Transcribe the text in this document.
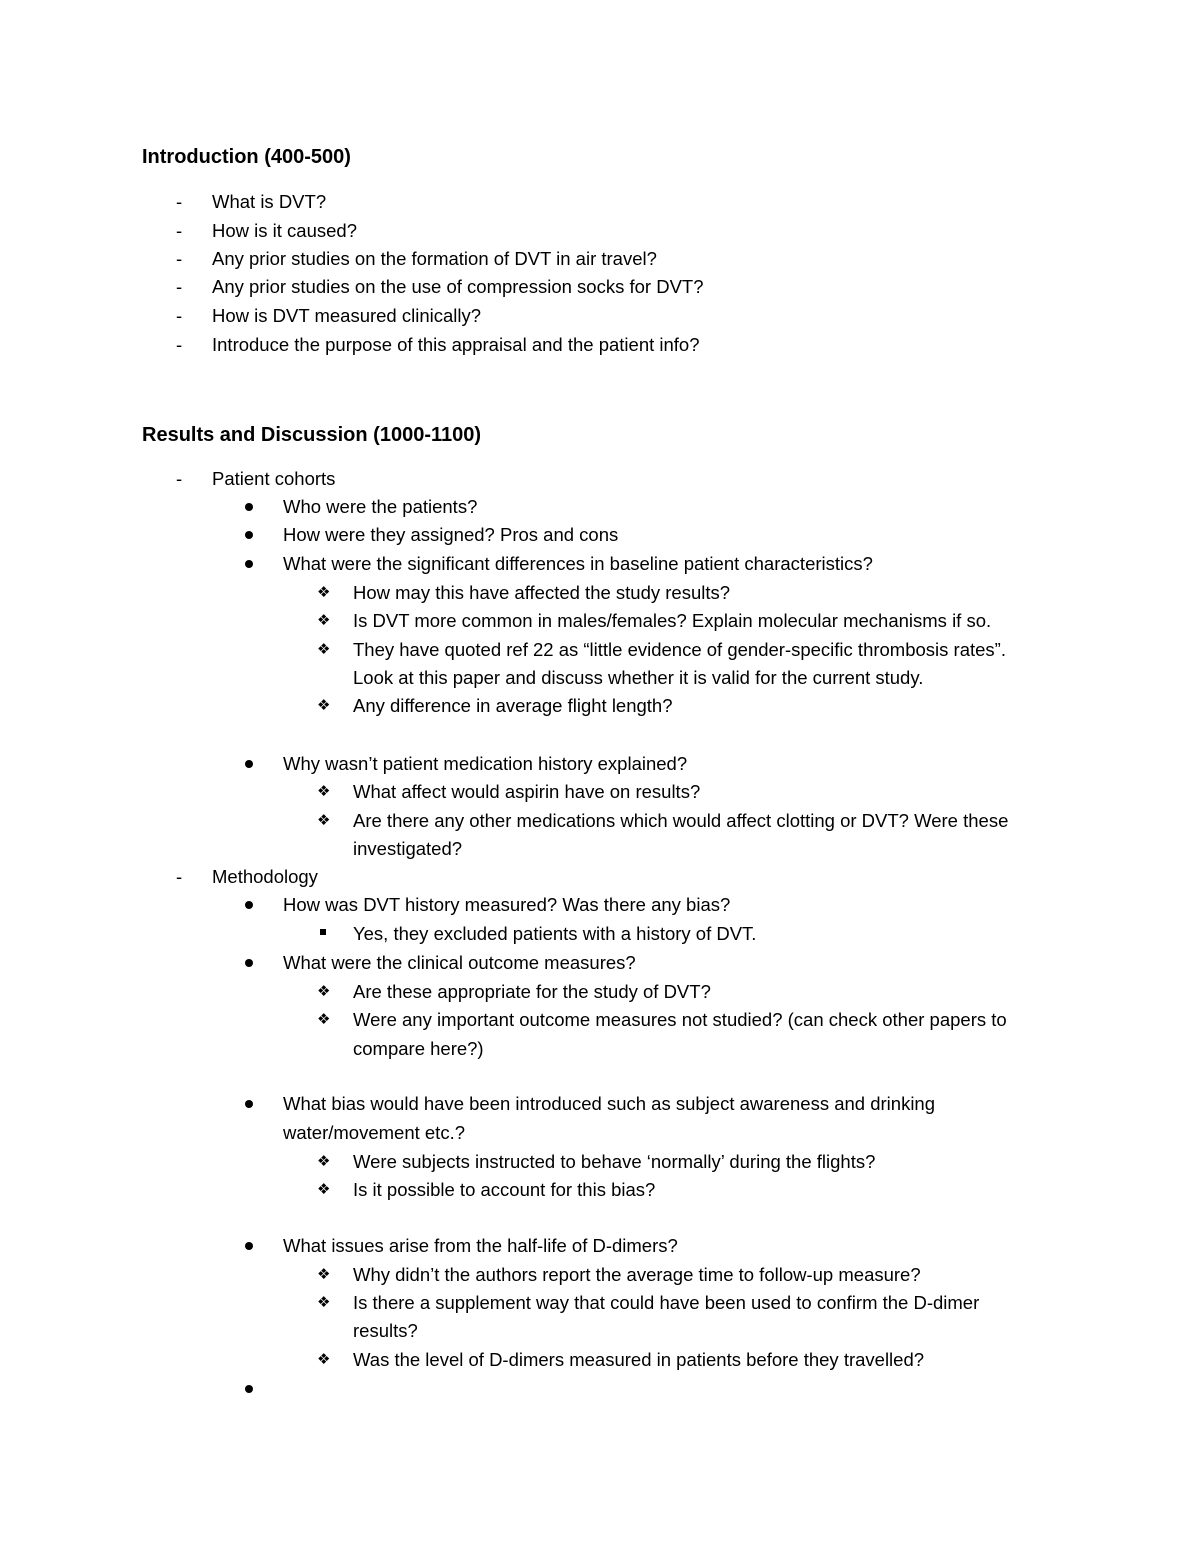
Introduction (400-500)
-	What is DVT?
-	How is it caused?
-	Any prior studies on the formation of DVT in air travel?
-	Any prior studies on the use of compression socks for DVT?
-	How is DVT measured clinically?
-	Introduce the purpose of this appraisal and the patient info?
Results and Discussion (1000-1100)
-	Patient cohorts
Who were the patients?
How were they assigned? Pros and cons
What were the significant differences in baseline patient characteristics?
❖	How may this have affected the study results?
❖	Is DVT more common in males/females? Explain molecular mechanisms if so.
❖	They have quoted ref 22 as “little evidence of gender-specific thrombosis rates”.
Look at this paper and discuss whether it is valid for the current study.
❖	Any difference in average flight length?
Why wasn’t patient medication history explained?
❖	What affect would aspirin have on results?
❖	Are there any other medications which would affect clotting or DVT? Were these
investigated?
-	Methodology
How was DVT history measured? Was there any bias?
Yes, they excluded patients with a history of DVT.
What were the clinical outcome measures?
❖	Are these appropriate for the study of DVT?
❖	Were any important outcome measures not studied? (can check other papers to
compare here?)
What bias would have been introduced such as subject awareness and drinking
water/movement etc.?
❖	Were subjects instructed to behave ‘normally’ during the flights?
❖	Is it possible to account for this bias?
What issues arise from the half-life of D-dimers?
❖	Why didn’t the authors report the average time to follow-up measure?
❖	Is there a supplement way that could have been used to confirm the D-dimer
results?
❖	Was the level of D-dimers measured in patients before they travelled?
